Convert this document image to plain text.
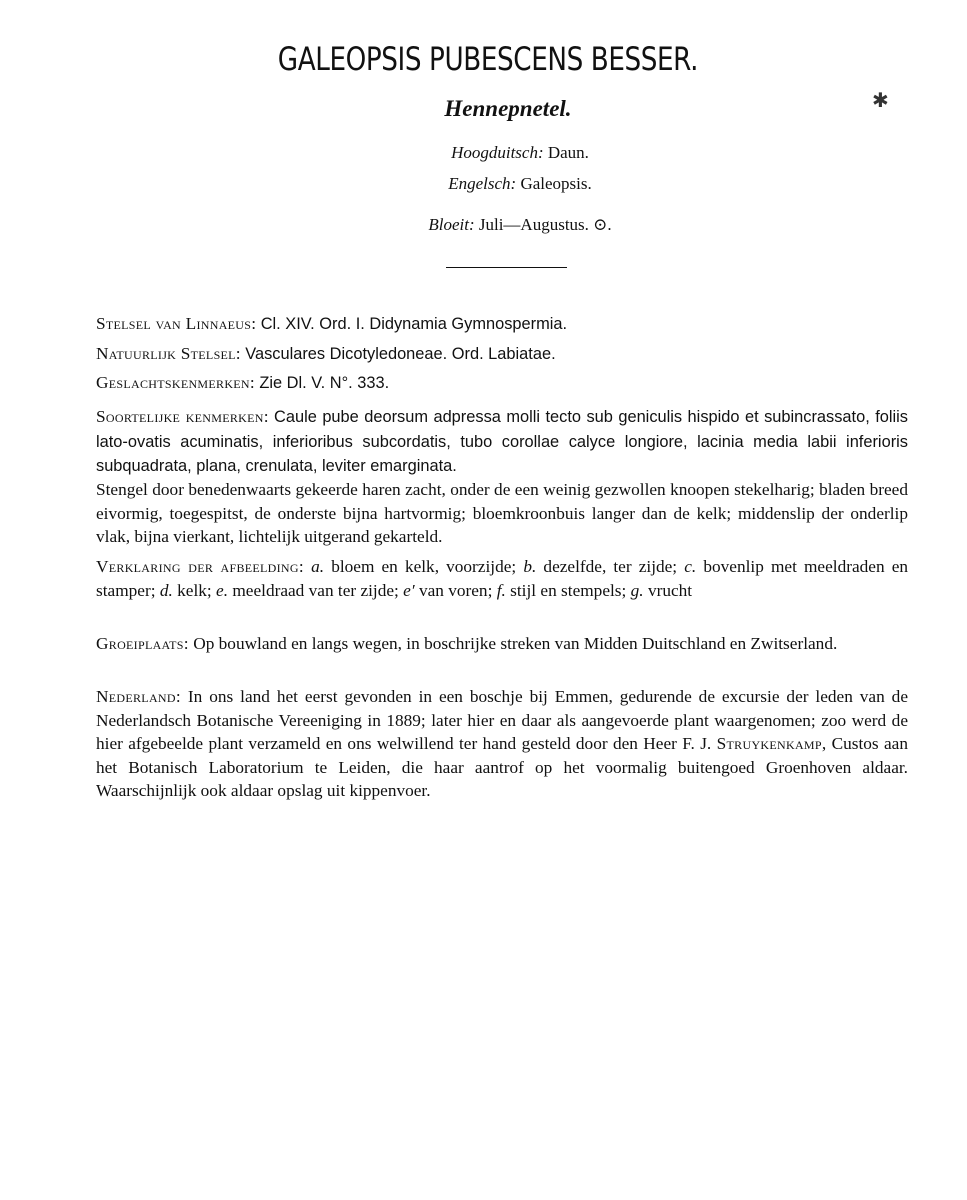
GALEOPSIS PUBESCENS BESSER.
Hennepnetel.
Hoogduitsch: Daun.
Engelsch: Galeopsis.
Bloeit: Juli—Augustus. ⊙.
✱
Stelsel van Linnaeus: Cl. XIV. Ord. I. Didynamia Gymnospermia.
Natuurlijk Stelsel: Vasculares Dicotyledoneae. Ord. Labiatae.
Geslachtskenmerken: Zie Dl. V. N°. 333.
Soortelijke kenmerken: Caule pube deorsum adpressa molli tecto sub geniculis hispido et subincrassato, foliis lato-ovatis acuminatis, inferioribus subcordatis, tubo corollae calyce longiore, lacinia media labii inferioris subquadrata, plana, crenulata, leviter emarginata.
Stengel door benedenwaarts gekeerde haren zacht, onder de een weinig gezwollen knoopen stekelharig; bladen breed eivormig, toegespitst, de onderste bijna hartvormig; bloemkroonbuis langer dan de kelk; middenslip der onderlip vlak, bijna vierkant, lichtelijk uitgerand gekarteld.
Verklaring der afbeelding: a. bloem en kelk, voorzijde; b. dezelfde, ter zijde; c. bovenlip met meeldraden en stamper; d. kelk; e. meeldraad van ter zijde; e′ van voren; f. stijl en stempels; g. vrucht
Groeiplaats: Op bouwland en langs wegen, in boschrijke streken van Midden Duitschland en Zwitserland.
Nederland: In ons land het eerst gevonden in een boschje bij Emmen, gedurende de excursie der leden van de Nederlandsch Botanische Vereeniging in 1889; later hier en daar als aangevoerde plant waargenomen; zoo werd de hier afgebeelde plant verzameld en ons welwillend ter hand gesteld door den Heer F. J. Struykenkamp, Custos aan het Botanisch Laboratorium te Leiden, die haar aantrof op het voormalig buitengoed Groenhoven aldaar. Waarschijnlijk ook aldaar opslag uit kippenvoer.
